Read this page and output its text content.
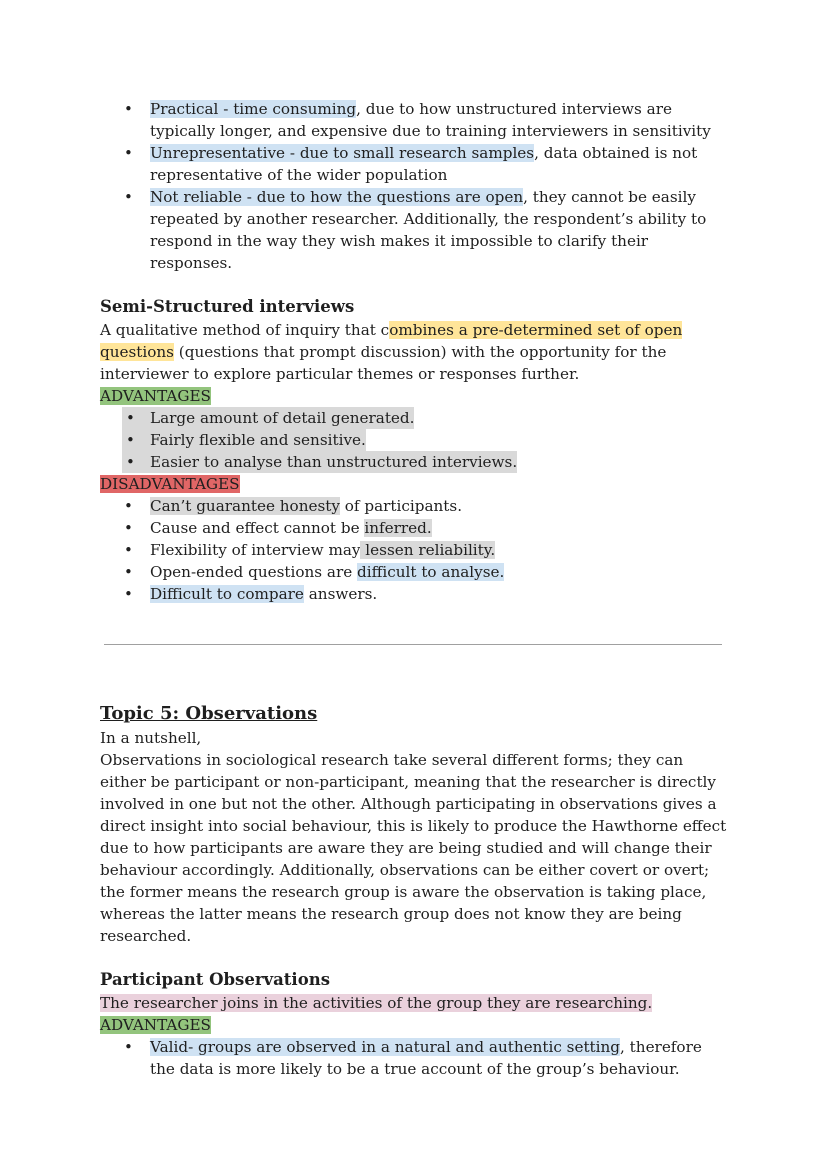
• Practical - time consuming, due to how unstructured interviews are typically longer, and expensive due to training interviewers in sensitivity
• Unrepresentative - due to small research samples, data obtained is not representative of the wider population
• Not reliable - due to how the questions are open, they cannot be easily repeated by another researcher. Additionally, the respondent’s ability to respond in the way they wish makes it impossible to clarify their responses.
Semi-Structured interviews

A qualitative method of inquiry that combines a pre-determined set of open questions (questions that prompt discussion) with the opportunity for the interviewer to explore particular themes or responses further.

ADVANTAGES

• Large amount of detail generated.
• Fairly flexible and sensitive.
• Easier to analyse than unstructured interviews.

DISADVANTAGES

• Can’t guarantee honesty of participants.
• Cause and effect cannot be inferred.
• Flexibility of interview may lessen reliability.
• Open-ended questions are difficult to analyse.
• Difficult to compare answers.
Topic 5: Observations

In a nutshell,

Observations in sociological research take several different forms; they can either be participant or non-participant, meaning that the researcher is directly involved in one but not the other. Although participating in observations gives a direct insight into social behaviour, this is likely to produce the Hawthorne effect due to how participants are aware they are being studied and will change their behaviour accordingly. Additionally, observations can be either covert or overt; the former means the research group is aware the observation is taking place, whereas the latter means the research group does not know they are being researched.

Participant Observations

The researcher joins in the activities of the group they are researching.

ADVANTAGES

• Valid- groups are observed in a natural and authentic setting, therefore the data is more likely to be a true account of the group’s behaviour.
